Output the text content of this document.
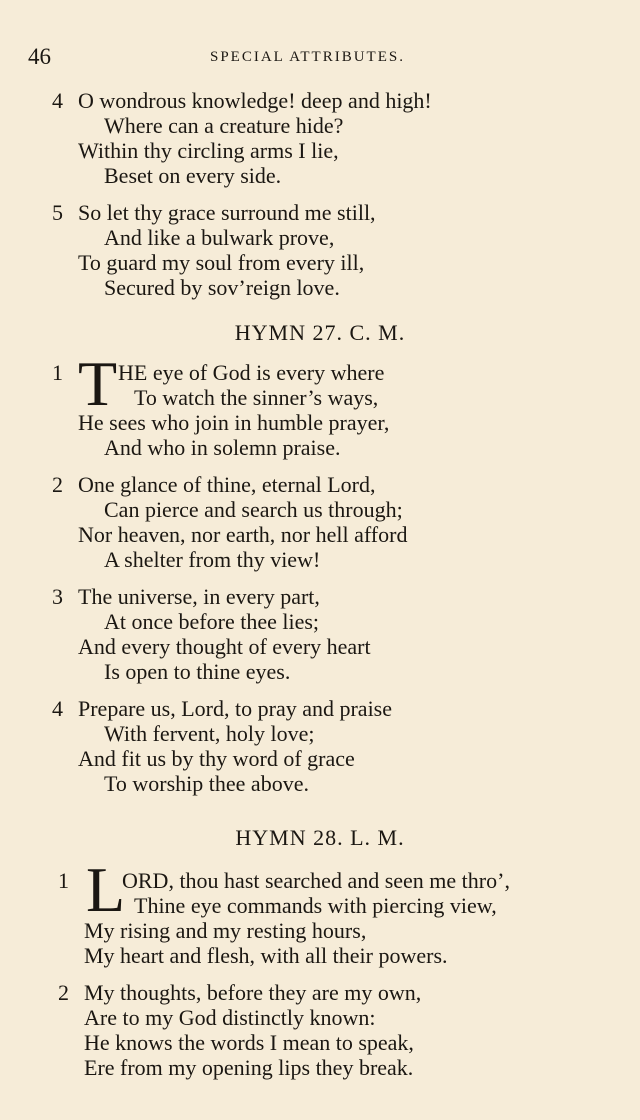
46	SPECIAL ATTRIBUTES.
4 O wondrous knowledge! deep and high!
Where can a creature hide?
Within thy circling arms I lie,
Beset on every side.
5 So let thy grace surround me still,
And like a bulwark prove,
To guard my soul from every ill,
Secured by sov’reign love.
HYMN 27. C. M.
1 T HE eye of God is every where
To watch the sinner’s ways,
He sees who join in humble prayer,
And who in solemn praise.
2 One glance of thine, eternal Lord,
Can pierce and search us through;
Nor heaven, nor earth, nor hell afford
A shelter from thy view!
3 The universe, in every part,
At once before thee lies;
And every thought of every heart
Is open to thine eyes.
4 Prepare us, Lord, to pray and praise
With fervent, holy love;
And fit us by thy word of grace
To worship thee above.
HYMN 28. L. M.
1 L
ORD, thou hast searched and seen me thro’,
Thine eye commands with piercing view,
My rising and my resting hours,
My heart and flesh, with all their powers.
2 My thoughts, before they are my own,
Are to my God distinctly known:
He knows the words I mean to speak,
Ere from my opening lips they break.
